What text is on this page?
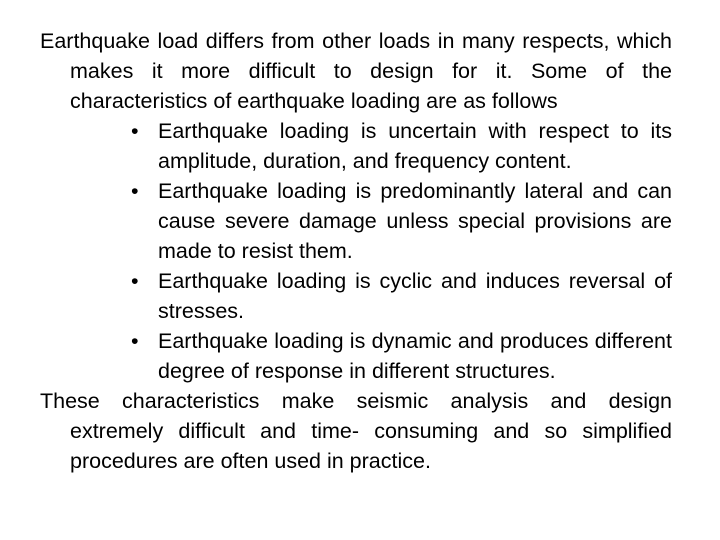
Earthquake load differs from other loads in many respects, which makes it more difficult to design for it. Some of the characteristics of earthquake loading are as follows

• Earthquake loading is uncertain with respect to its amplitude, duration, and frequency content.
• Earthquake loading is predominantly lateral and can cause severe damage unless special provisions are made to resist them.
• Earthquake loading is cyclic and induces reversal of stresses.
• Earthquake loading is dynamic and produces different degree of response in different structures.

These characteristics make seismic analysis and design extremely difficult and time- consuming and so simplified procedures are often used in practice.
